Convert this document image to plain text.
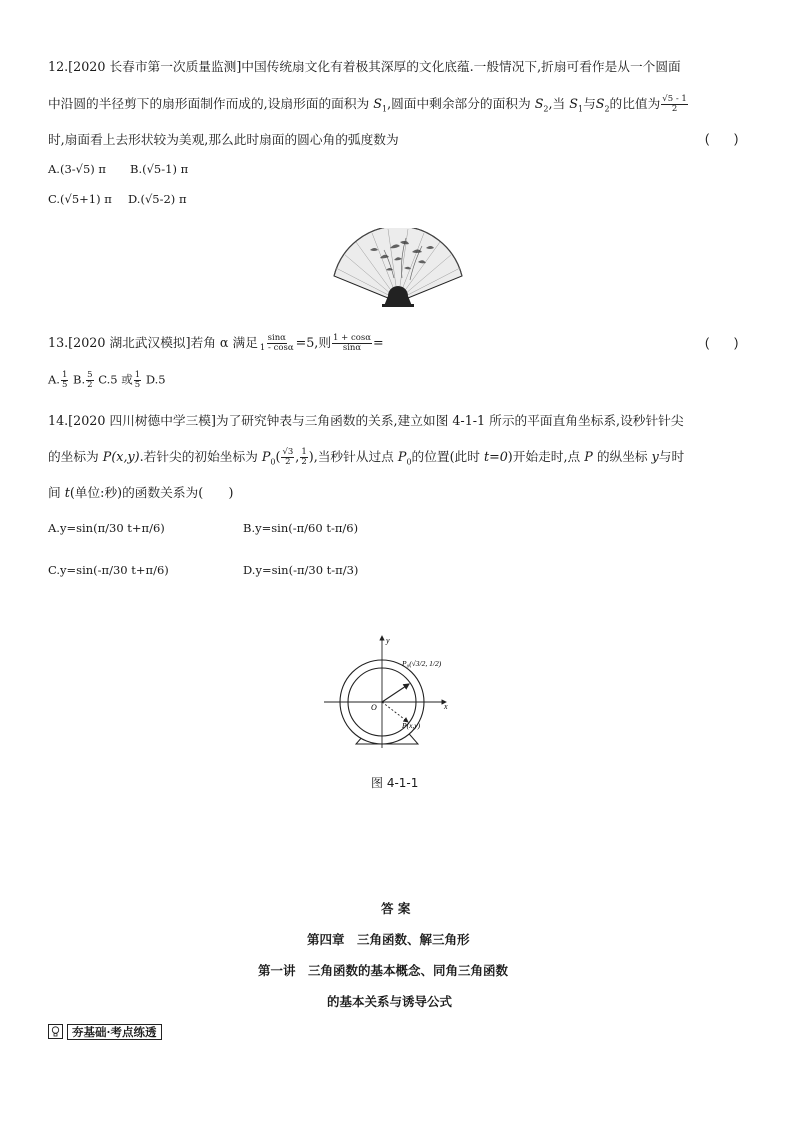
12.[2020 长春市第一次质量监测]中国传统扇文化有着极其深厚的文化底蕴.一般情况下,折扇可看作是从一个圆面
中沿圆的半径剪下的扇形面制作而成的,设扇形面的面积为 $S_1$,圆面中剩余部分的面积为 $S_2$,当 $S_1$与$S_2$的比值为 $\frac{√5 - 1}{2}$
时,扇面看上去形状较为美观,那么此时扇面的圆心角的弧度数为	(　　)
A.(3-√5) π B.(√5-1) π
C.(√5+1) π D.(√5-2) π
13.[2020 湖北武汉模拟]若角 α 满足 $\frac{\sin\alpha}{1 - \cos\alpha} =5$,则 $\frac{1 + \cos\alpha}{\sin\alpha}$ =	(　　)
A. $\frac{1}{5} B$. $\frac{5}{2} C.5$ 或 $\frac{1}{5} D.5$
14.[2020 四川树德中学三模]为了研究钟表与三角函数的关系,建立如图 4-1-1 所示的平面直角坐标系,设秒针针尖
的坐标为 P(x,y).若针尖的初始坐标为 $P_0( \frac{√3}{2}$ , $\frac{1}{2}$ ),当秒针从过点 $P_0$的位置(此时 t=0)开始走时,点 P 的纵坐标 y与时
间 t(单位:秒)的函数关系为(　　)
A.y=sin(π/30 t+π/6)	B.y=sin(-π/60 t-π/6)
C.y=sin(-π/30 t+π/6)	D.y=sin(-π/30 t-π/3)
y
x
O
P₀(√3/2, 1/2)
P(x,y)
图 4-1-1
答 案
第四章　三角函数、解三角形
第一讲　三角函数的基本概念、同角三角函数
的基本关系与诱导公式
夯基础·考点练透
